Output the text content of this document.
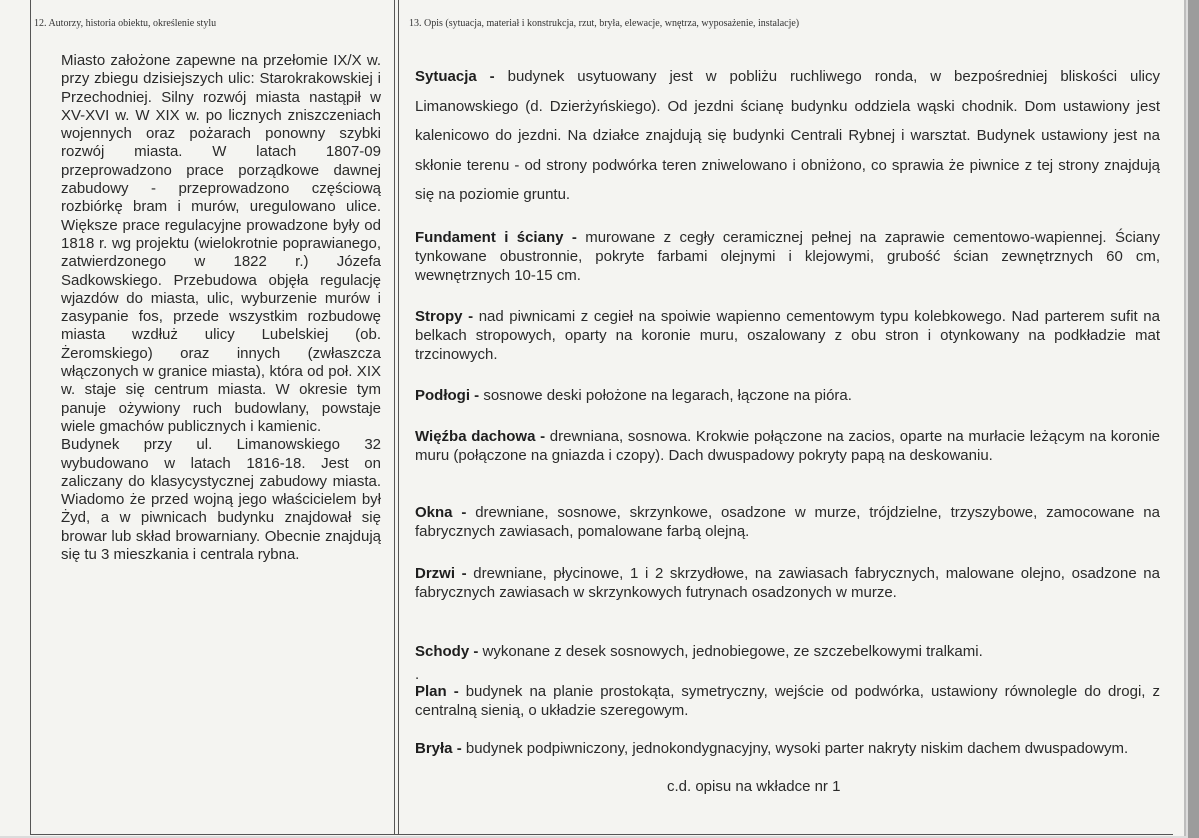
12. Autorzy, historia obiektu, określenie stylu
Miasto założone zapewne na przełomie IX/X w. przy zbiegu dzisiejszych ulic: Starokrakowskiej i Przechodniej. Silny rozwój miasta nastąpił w XV-XVI w. W XIX w. po licznych zniszczeniach wojennych oraz pożarach ponowny szybki rozwój miasta. W latach 1807-09 przeprowadzono prace porządkowe dawnej zabudowy - przeprowadzono częściową rozbiórkę bram i murów, uregulowano ulice. Większe prace regulacyjne prowadzone były od 1818 r. wg projektu (wielokrotnie poprawianego, zatwierdzonego w 1822 r.) Józefa Sadkowskiego. Przebudowa objęła regulację wjazdów do miasta, ulic, wyburzenie murów i zasypanie fos, przede wszystkim rozbudowę miasta wzdłuż ulicy Lubelskiej (ob. Żeromskiego) oraz innych (zwłaszcza włączonych w granice miasta), która od poł. XIX w. staje się centrum miasta. W okresie tym panuje ożywiony ruch budowlany, powstaje wiele gmachów publicznych i kamienic.
Budynek przy ul. Limanowskiego 32 wybudowano w latach 1816-18. Jest on zaliczany do klasycystycznej zabudowy miasta. Wiadomo że przed wojną jego właścicielem był Żyd, a w piwnicach budynku znajdował się browar lub skład browarniany. Obecnie znajdują się tu 3 mieszkania i centrala rybna.
13. Opis (sytuacja, materiał i konstrukcja, rzut, bryła, elewacje, wnętrza, wyposażenie, instalacje)
Sytuacja - budynek usytuowany jest w pobliżu ruchliwego ronda, w bezpośredniej bliskości ulicy Limanowskiego (d. Dzierżyńskiego). Od jezdni ścianę budynku oddziela wąski chodnik. Dom ustawiony jest kalenicowo do jezdni. Na działce znajdują się budynki Centrali Rybnej i warsztat. Budynek ustawiony jest na skłonie terenu - od strony podwórka teren zniwelowano i obniżono, co sprawia że piwnice z tej strony znajdują się na poziomie gruntu.
Fundament i ściany - murowane z cegły ceramicznej pełnej na zaprawie cementowo-wapiennej. Ściany tynkowane obustronnie, pokryte farbami olejnymi i klejowymi, grubość ścian zewnętrznych 60 cm, wewnętrznych 10-15 cm.
Stropy - nad piwnicami z cegieł na spoiwie wapienno cementowym typu kolebkowego. Nad parterem sufit na belkach stropowych, oparty na koronie muru, oszalowany z obu stron i otynkowany na podkładzie mat trzcinowych.
Podłogi - sosnowe deski położone na legarach, łączone na pióra.
Więźba dachowa - drewniana, sosnowa. Krokwie połączone na zacios, oparte na murłacie leżącym na koronie muru (połączone na gniazda i czopy). Dach dwuspadowy pokryty papą na deskowaniu.
Okna - drewniane, sosnowe, skrzynkowe, osadzone w murze, trójdzielne, trzyszybowe, zamocowane na fabrycznych zawiasach, pomalowane farbą olejną.
Drzwi - drewniane, płycinowe, 1 i 2 skrzydłowe, na zawiasach fabrycznych, malowane olejno, osadzone na fabrycznych zawiasach w skrzynkowych futrynach osadzonych w murze.
Schody - wykonane z desek sosnowych, jednobiegowe, ze szczebelkowymi tralkami.
.
Plan - budynek na planie prostokąta, symetryczny, wejście od podwórka, ustawiony równolegle do drogi, z centralną sienią, o układzie szeregowym.
Bryła - budynek podpiwniczony, jednokondygnacyjny, wysoki parter nakryty niskim dachem dwuspadowym.
c.d. opisu na wkładce nr 1
